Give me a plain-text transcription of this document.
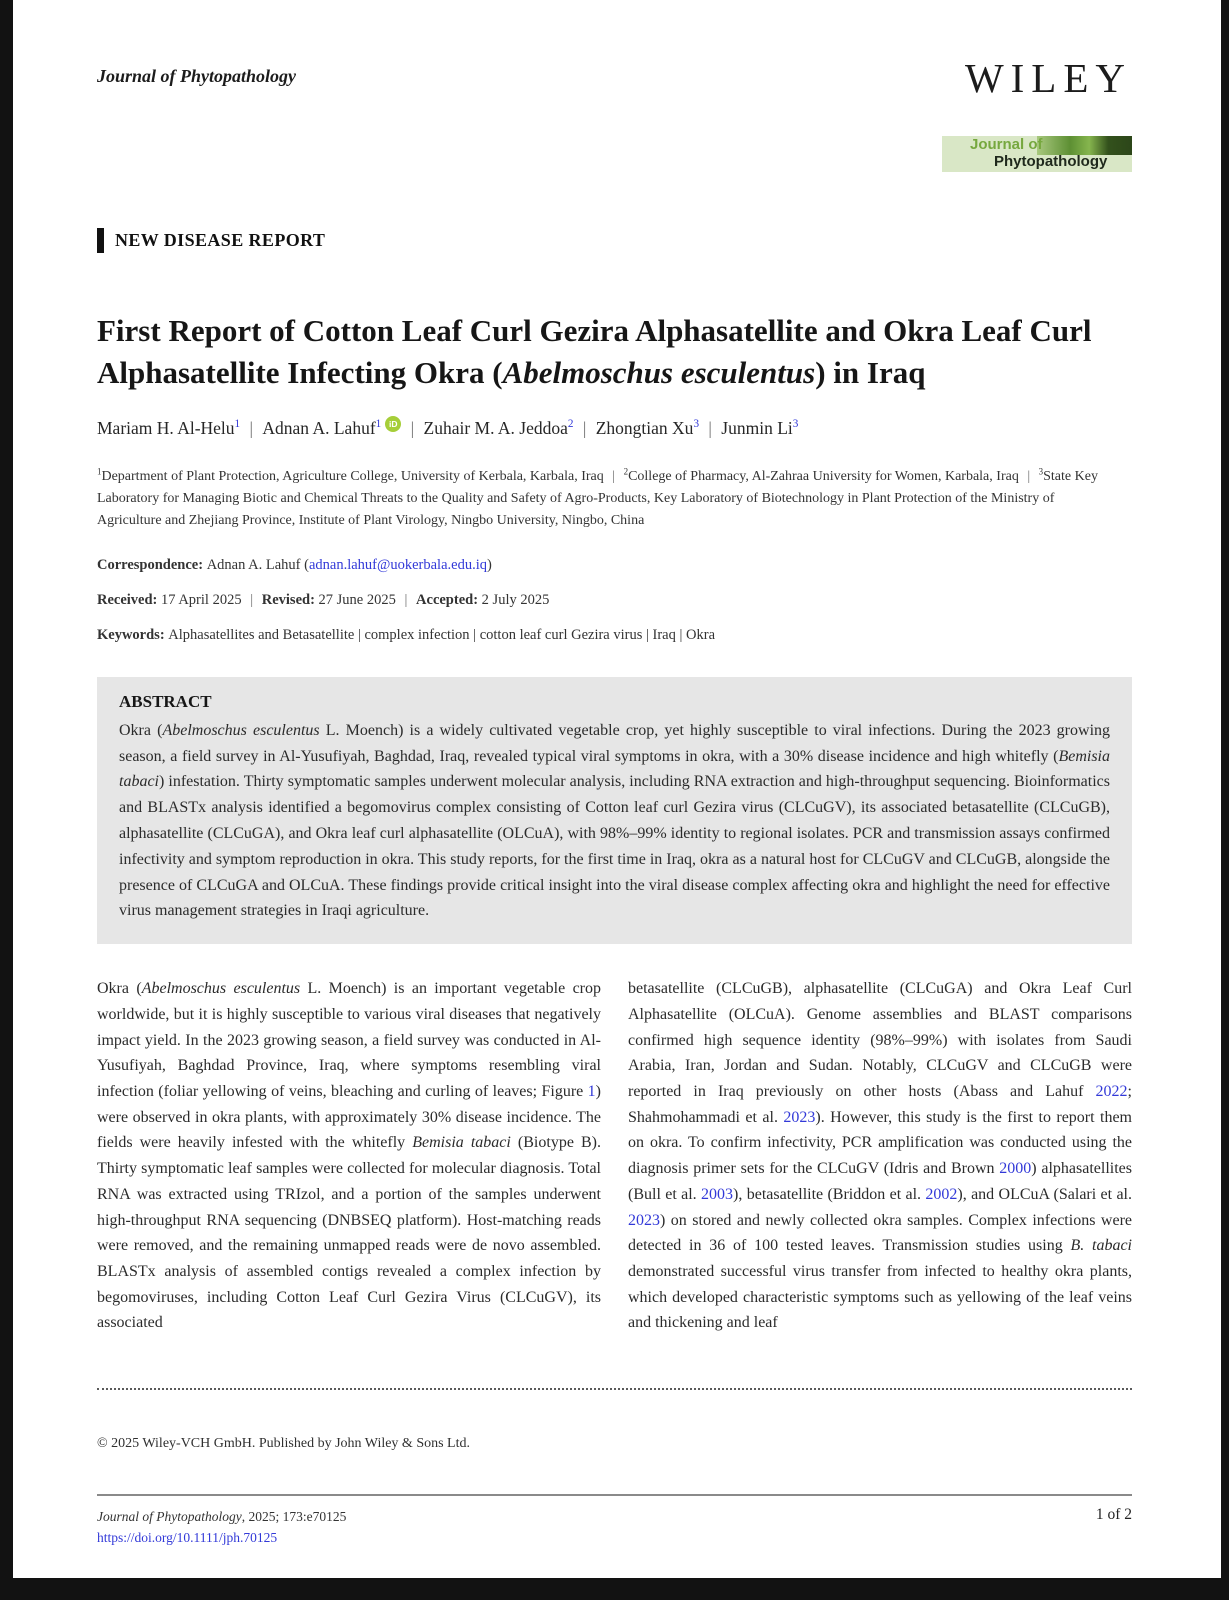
Journal of Phytopathology	WILEY
Journal of
Phytopathology
NEW DISEASE REPORT
First Report of Cotton Leaf Curl Gezira Alphasatellite and Okra Leaf Curl Alphasatellite Infecting Okra (Abelmoschus esculentus) in Iraq
Mariam H. Al-Helu$^1$ | Adnan A. Lahuf$^1$ iD | Zuhair M. A. Jeddoa$^2$ | Zhongtian Xu$^3$ | Junmin Li$^3$
$^1$Department of Plant Protection, Agriculture College, University of Kerbala, Karbala, Iraq | $^2$College of Pharmacy, Al-Zahraa University for Women, Karbala, Iraq | $^3$State Key Laboratory for Managing Biotic and Chemical Threats to the Quality and Safety of Agro-Products, Key Laboratory of Biotechnology in Plant Protection of the Ministry of Agriculture and Zhejiang Province, Institute of Plant Virology, Ningbo University, Ningbo, China
Correspondence: Adnan A. Lahuf (adnan.lahuf@uokerbala.edu.iq)
Received: 17 April 2025 | Revised: 27 June 2025 | Accepted: 2 July 2025
Keywords: Alphasatellites and Betasatellite | complex infection | cotton leaf curl Gezira virus | Iraq | Okra
ABSTRACT
Okra (Abelmoschus esculentus L. Moench) is a widely cultivated vegetable crop, yet highly susceptible to viral infections. During the 2023 growing season, a field survey in Al-Yusufiyah, Baghdad, Iraq, revealed typical viral symptoms in okra, with a 30% disease incidence and high whitefly (Bemisia tabaci) infestation. Thirty symptomatic samples underwent molecular analysis, including RNA extraction and high-throughput sequencing. Bioinformatics and BLASTx analysis identified a begomovirus complex consisting of Cotton leaf curl Gezira virus (CLCuGV), its associated betasatellite (CLCuGB), alphasatellite (CLCuGA), and Okra leaf curl alphasatellite (OLCuA), with 98%–99% identity to regional isolates. PCR and transmission assays confirmed infectivity and symptom reproduction in okra. This study reports, for the first time in Iraq, okra as a natural host for CLCuGV and CLCuGB, alongside the presence of CLCuGA and OLCuA. These findings provide critical insight into the viral disease complex affecting okra and highlight the need for effective virus management strategies in Iraqi agriculture.
Okra (Abelmoschus esculentus L. Moench) is an important vegetable crop worldwide, but it is highly susceptible to various viral diseases that negatively impact yield. In the 2023 growing season, a field survey was conducted in Al-Yusufiyah, Baghdad Province, Iraq, where symptoms resembling viral infection (foliar yellowing of veins, bleaching and curling of leaves; Figure 1) were observed in okra plants, with approximately 30% disease incidence. The fields were heavily infested with the whitefly Bemisia tabaci (Biotype B). Thirty symptomatic leaf samples were collected for molecular diagnosis. Total RNA was extracted using TRIzol, and a portion of the samples underwent high-throughput RNA sequencing (DNBSEQ platform). Host-matching reads were removed, and the remaining unmapped reads were de novo assembled. BLASTx analysis of assembled contigs revealed a complex infection by begomoviruses, including Cotton Leaf Curl Gezira Virus (CLCuGV), its associated
betasatellite (CLCuGB), alphasatellite (CLCuGA) and Okra Leaf Curl Alphasatellite (OLCuA). Genome assemblies and BLAST comparisons confirmed high sequence identity (98%–99%) with isolates from Saudi Arabia, Iran, Jordan and Sudan. Notably, CLCuGV and CLCuGB were reported in Iraq previously on other hosts (Abass and Lahuf 2022; Shahmohammadi et al. 2023). However, this study is the first to report them on okra. To confirm infectivity, PCR amplification was conducted using the diagnosis primer sets for the CLCuGV (Idris and Brown 2000) alphasatellites (Bull et al. 2003), betasatellite (Briddon et al. 2002), and OLCuA (Salari et al. 2023) on stored and newly collected okra samples. Complex infections were detected in 36 of 100 tested leaves. Transmission studies using B. tabaci demonstrated successful virus transfer from infected to healthy okra plants, which developed characteristic symptoms such as yellowing of the leaf veins and thickening and leaf
© 2025 Wiley-VCH GmbH. Published by John Wiley & Sons Ltd.
Journal of Phytopathology, 2025; 173:e70125
https://doi.org/10.1111/jph.70125
1 of 2
